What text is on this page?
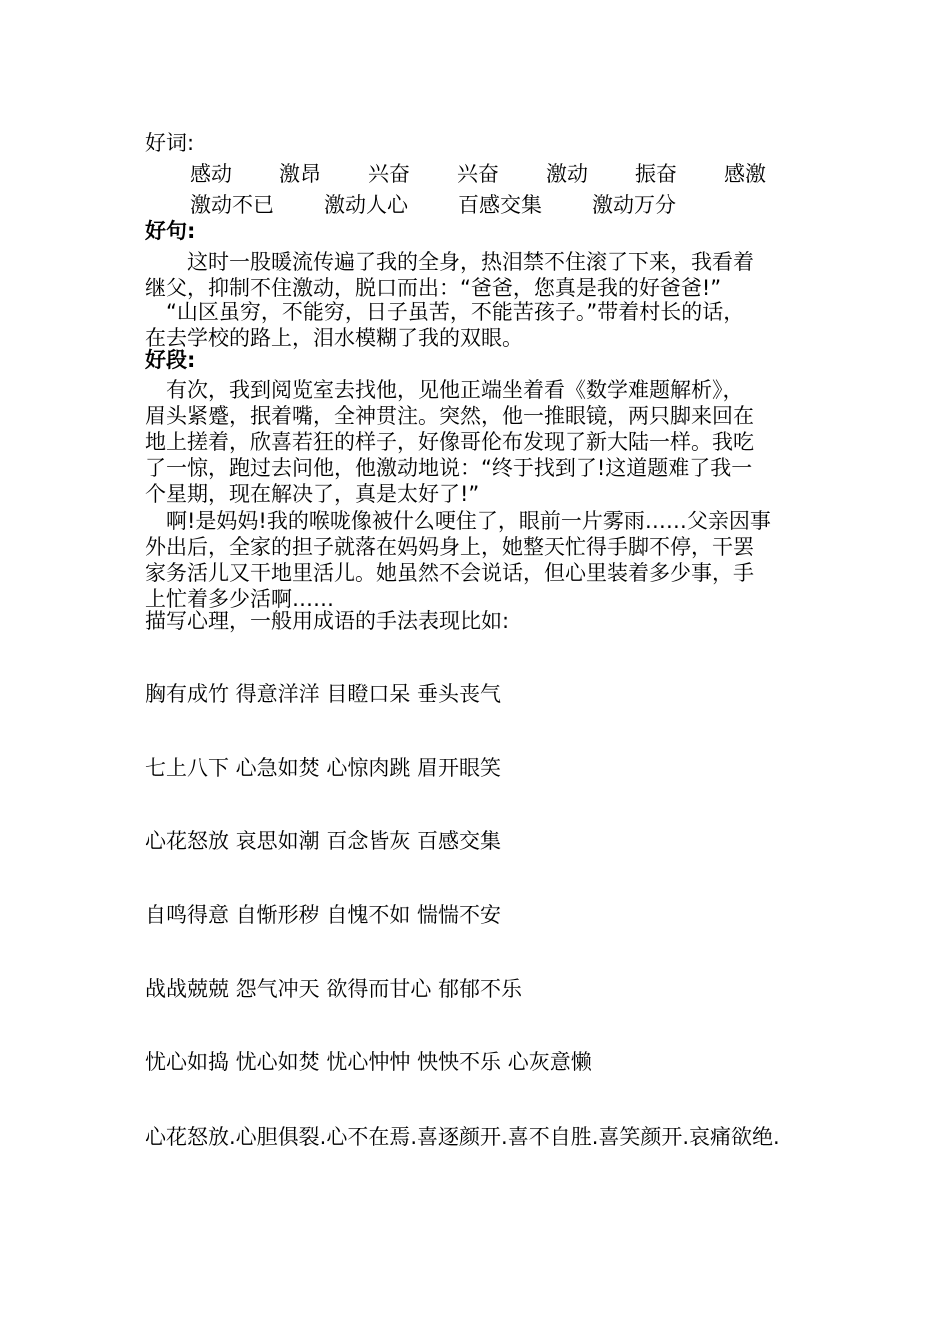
好词:
感动 激昂 兴奋 兴奋 激动 振奋 感激
激动不已 激动人心 百感交集 激动万分
好句:
　　这时一股暖流传遍了我的全身，热泪禁不住滚了下来，我看着
继父，抑制不住激动，脱口而出：“爸爸，您真是我的好爸爸!”
　“山区虽穷，不能穷，日子虽苦，不能苦孩子。”带着村长的话，
在去学校的路上，泪水模糊了我的双眼。
好段:
　有次，我到阅览室去找他，见他正端坐着看《数学难题解析》，
眉头紧蹙，抿着嘴，全神贯注。突然，他一推眼镜，两只脚来回在
地上搓着，欣喜若狂的样子，好像哥伦布发现了新大陆一样。我吃
了一惊，跑过去问他，他激动地说：“终于找到了!这道题难了我一
个星期，现在解决了，真是太好了!”
　啊!是妈妈!我的喉咙像被什么哽住了，眼前一片雾雨……父亲因事
外出后，全家的担子就落在妈妈身上，她整天忙得手脚不停，干罢
家务活儿又干地里活儿。她虽然不会说话，但心里装着多少事，手
上忙着多少活啊……
描写心理，一般用成语的手法表现比如:
胸有成竹 得意洋洋 目瞪口呆 垂头丧气
七上八下 心急如焚 心惊肉跳 眉开眼笑
心花怒放 哀思如潮 百念皆灰 百感交集
自鸣得意 自惭形秽 自愧不如 惴惴不安
战战兢兢 怨气冲天 欲得而甘心 郁郁不乐
忧心如捣 忧心如焚 忧心忡忡 怏怏不乐 心灰意懒
心花怒放.心胆俱裂.心不在焉.喜逐颜开.喜不自胜.喜笑颜开.哀痛欲绝.
